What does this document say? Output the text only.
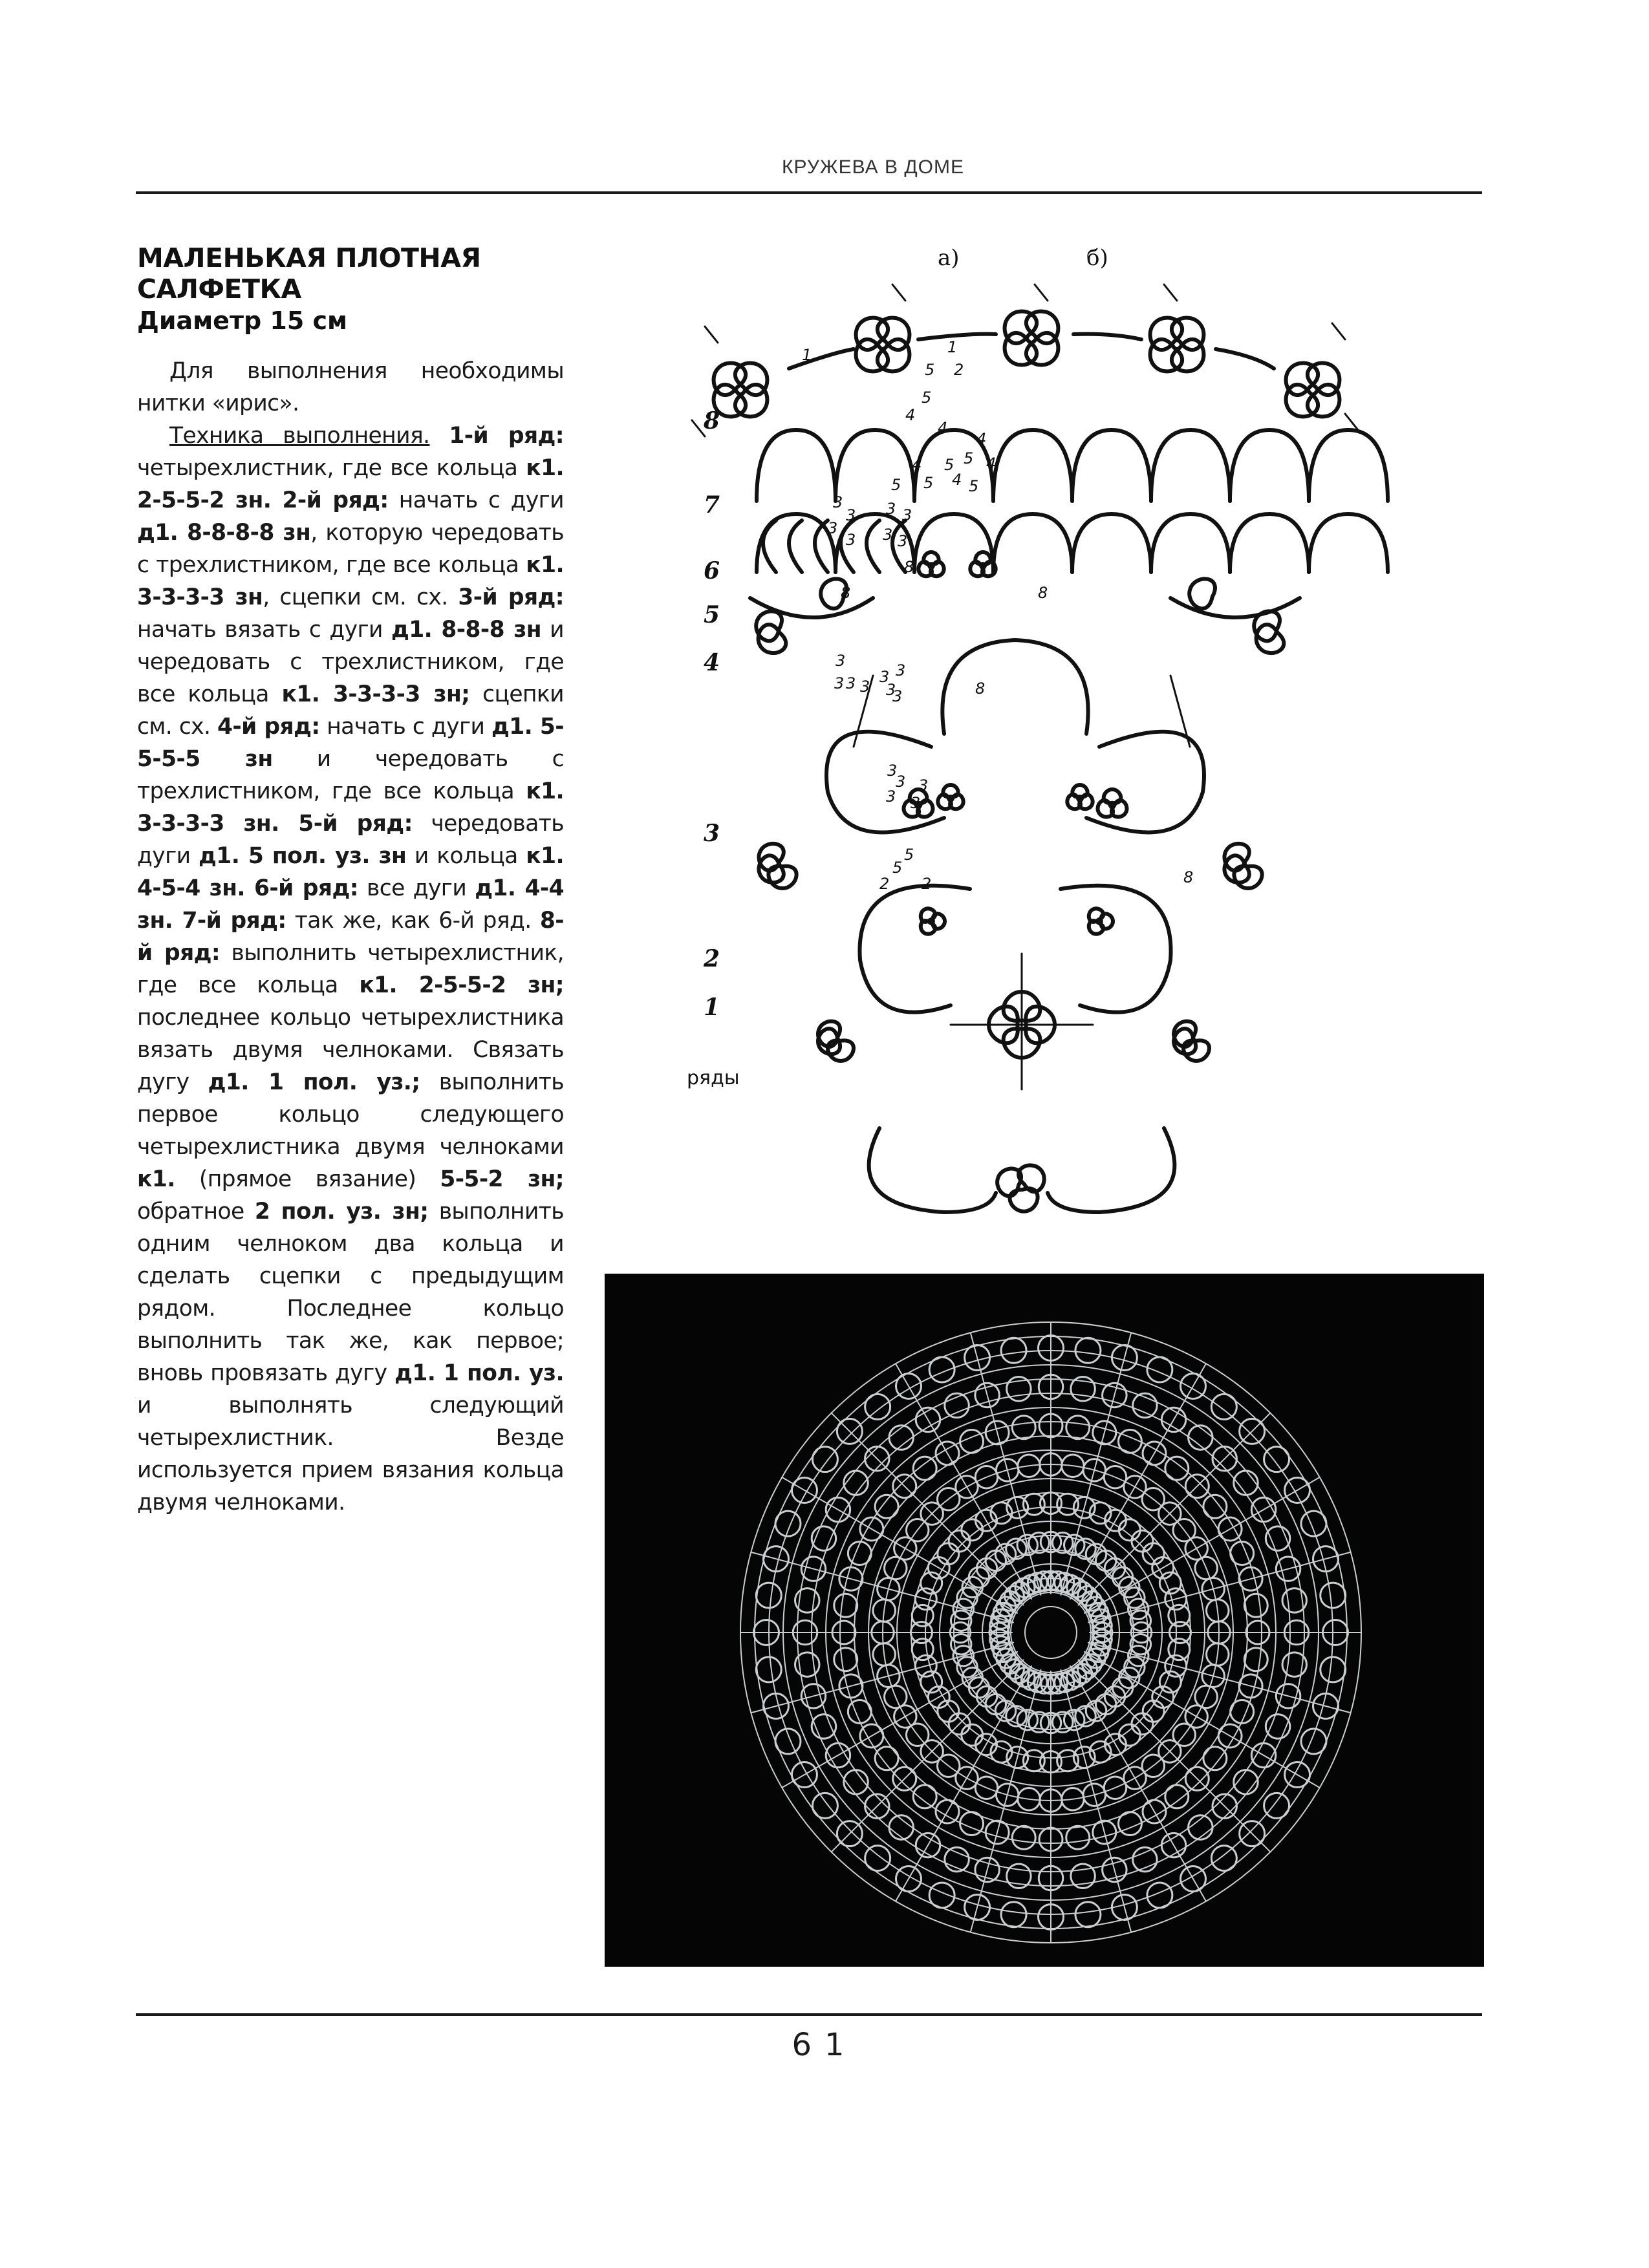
КРУЖЕВА В ДОМЕ
МАЛЕНЬКАЯ ПЛОТНАЯ
САЛФЕТКА
Диаметр 15 см

Для выполнения необходимы нитки «ирис».

Техника выполнения. 1-й ряд: четырехлистник, где все кольца к1. 2-5-5-2 зн. 2-й ряд: начать с дуги д1. 8-8-8-8 зн, которую чередовать с трехлистником, где все кольца к1. 3-3-3-3 зн, сцепки см. сх. 3-й ряд: начать вязать с дуги д1. 8-8-8 зн и чередовать с трехлистником, где все кольца к1. 3-3-3-3 зн; сцепки см. сх. 4-й ряд: начать с дуги д1. 5-5-5-5 зн и чередовать с трехлистником, где все кольца к1. 3-3-3-3 зн. 5-й ряд: чередовать дуги д1. 5 пол. уз. зн и кольца к1. 4-5-4 зн. 6-й ряд: все дуги д1. 4-4 зн. 7-й ряд: так же, как 6-й ряд. 8-й ряд: выполнить четырехлистник, где все кольца к1. 2-5-5-2 зн; последнее кольцо четырехлистника вязать двумя челноками. Связать дугу д1. 1 пол. уз.; выполнить первое кольцо следующего четырехлистника двумя челноками к1. (прямое вязание) 5-5-2 зн; обратное 2 пол. уз. зн; выполнить одним челноком два кольца и сделать сцепки с предыдущим рядом. Последнее кольцо выполнить так же, как первое; вновь провязать дугу д1. 1 пол. уз. и выполнять следующий четырехлистник. Везде используется прием вязания кольца двумя челноками.

а)	б)
8
7
6
5
4
3
2
1
ряды
1	1
5 2
5
4
4
4
4 5 5 4
5 5 4 5
3
3 3 3
3
3 3 3
8
8	8
3
3 3 3
3	3
3
3	8
3
3 3
3
3
5
5
2 2	8
61
